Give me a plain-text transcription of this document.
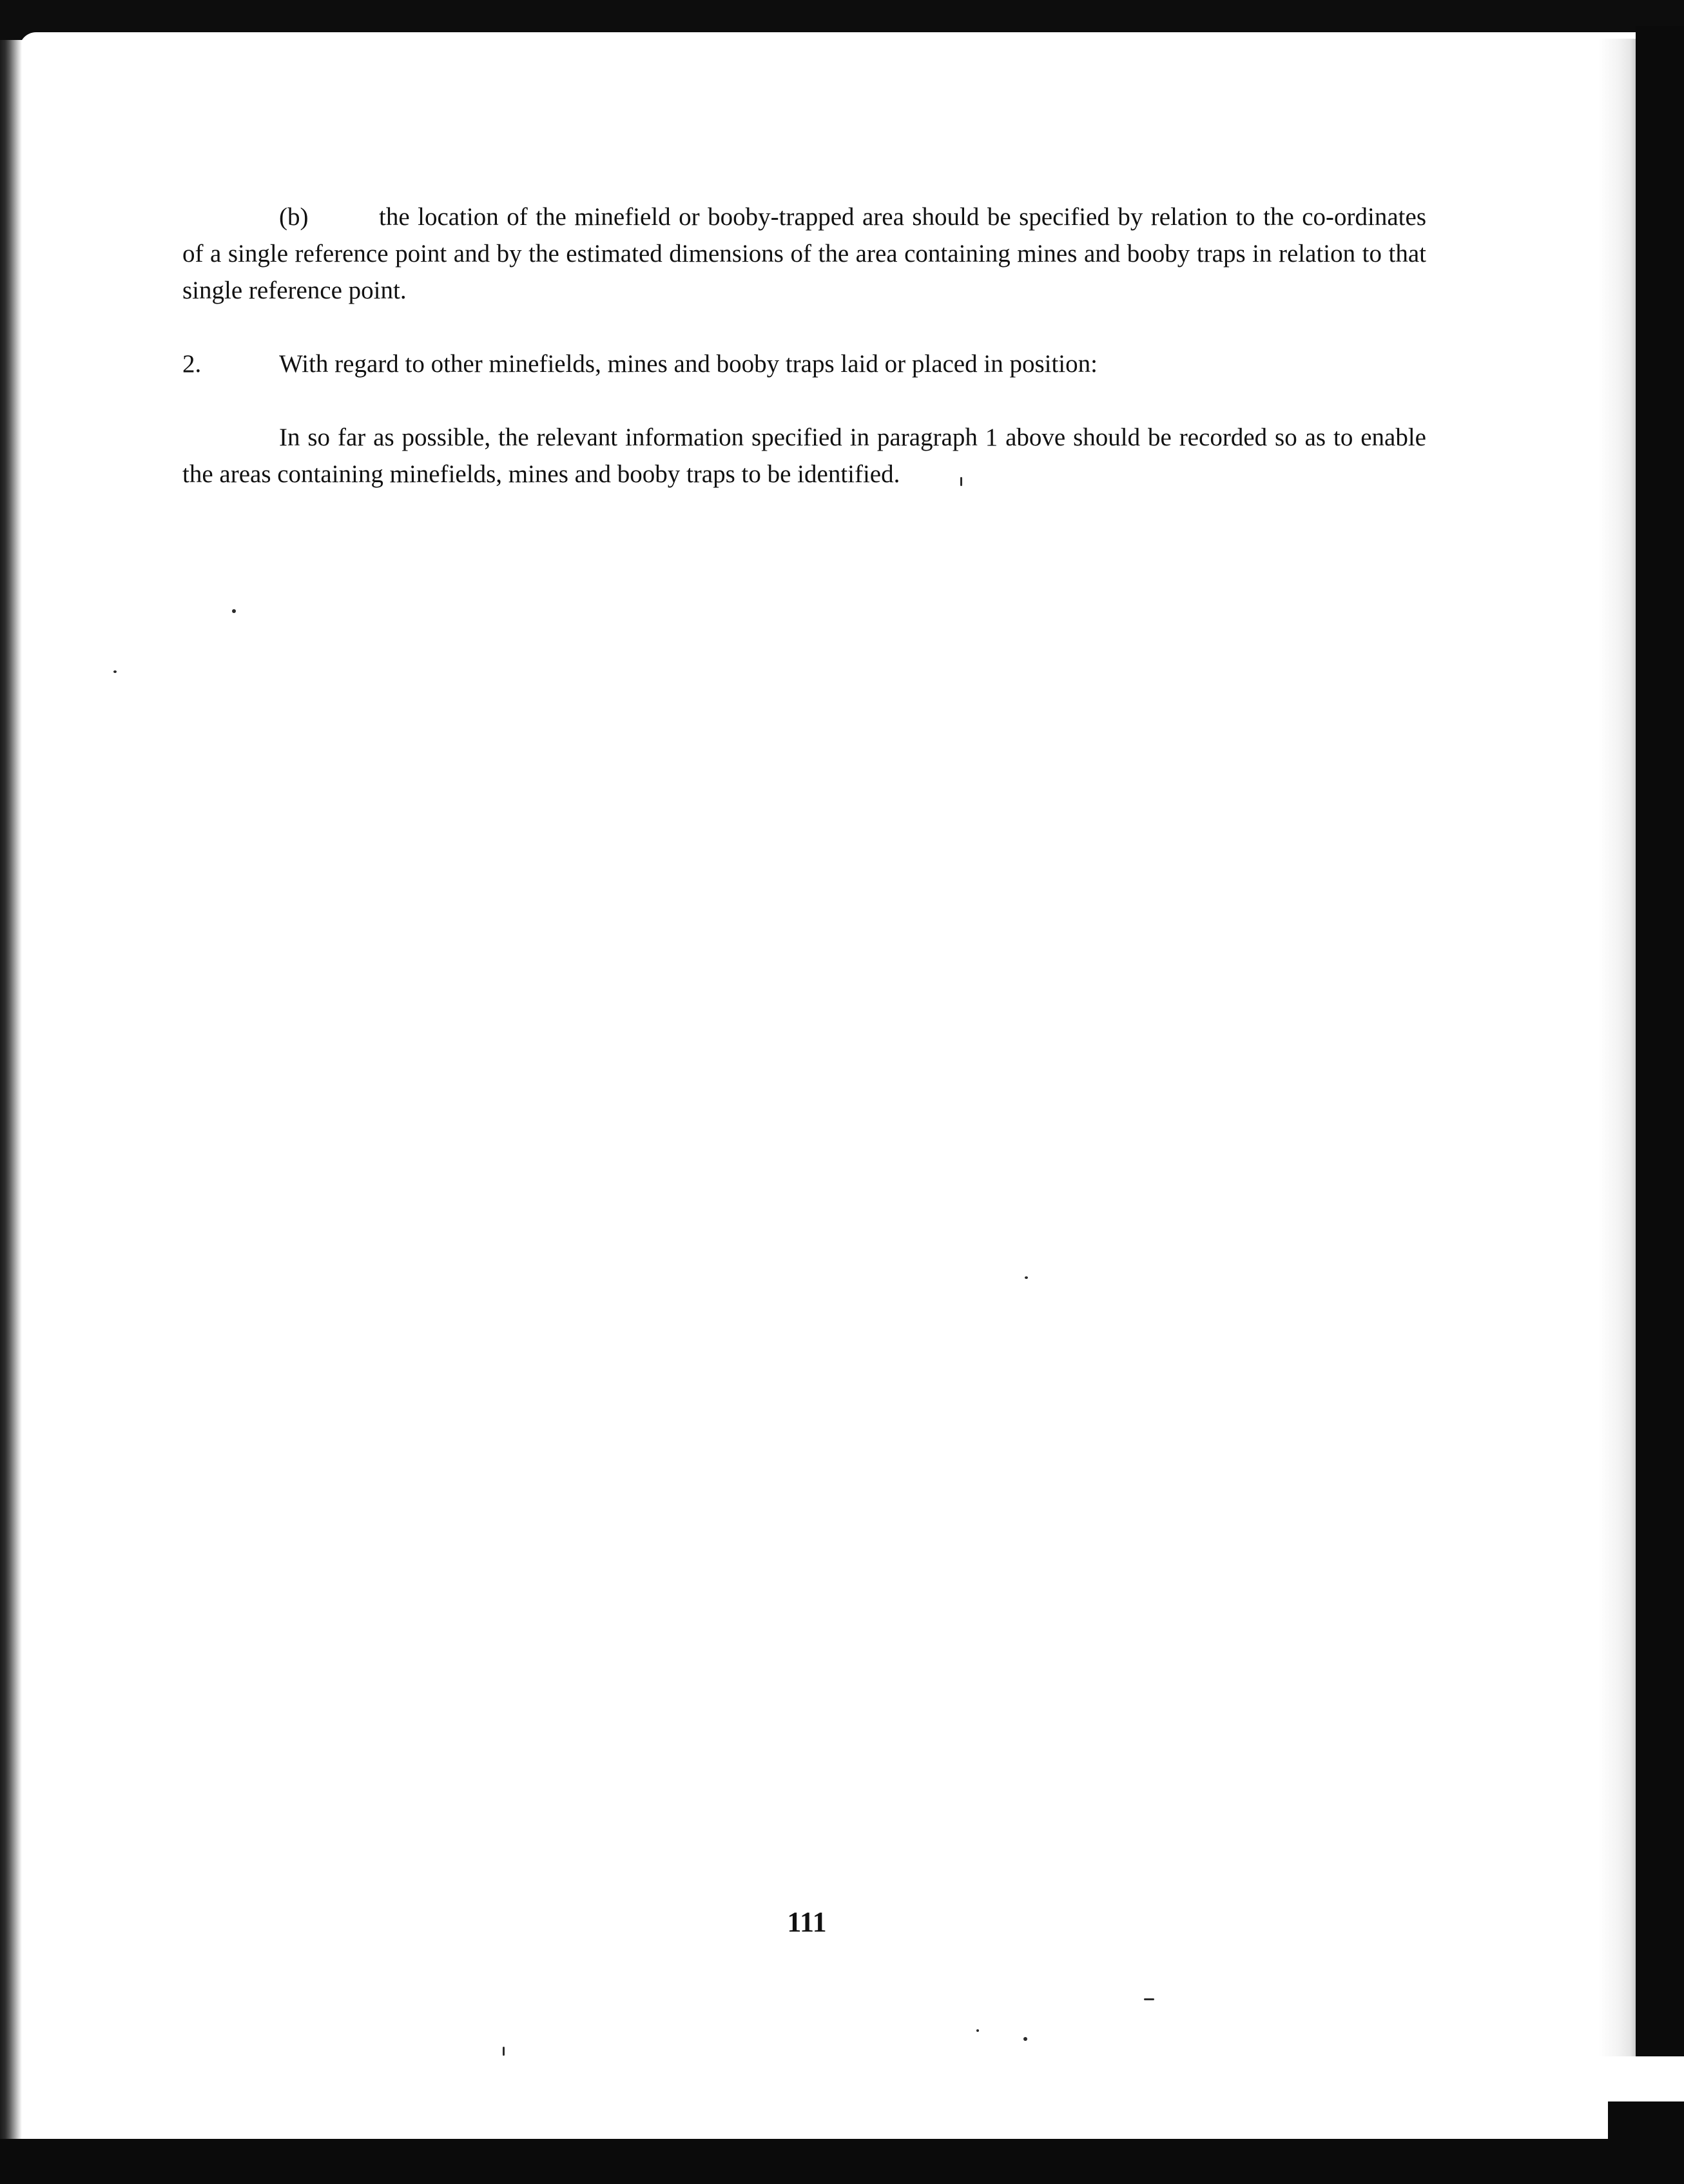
(b)	the location of the minefield or booby-trapped area should be specified by relation to the co-ordinates of a single reference point and by the estimated dimensions of the area containing mines and booby traps in relation to that single reference point.

2.	With regard to other minefields, mines and booby traps laid or placed in position:

In so far as possible, the relevant information specified in paragraph 1 above should be recorded so as to enable the areas containing minefields, mines and booby traps to be identified.

111
